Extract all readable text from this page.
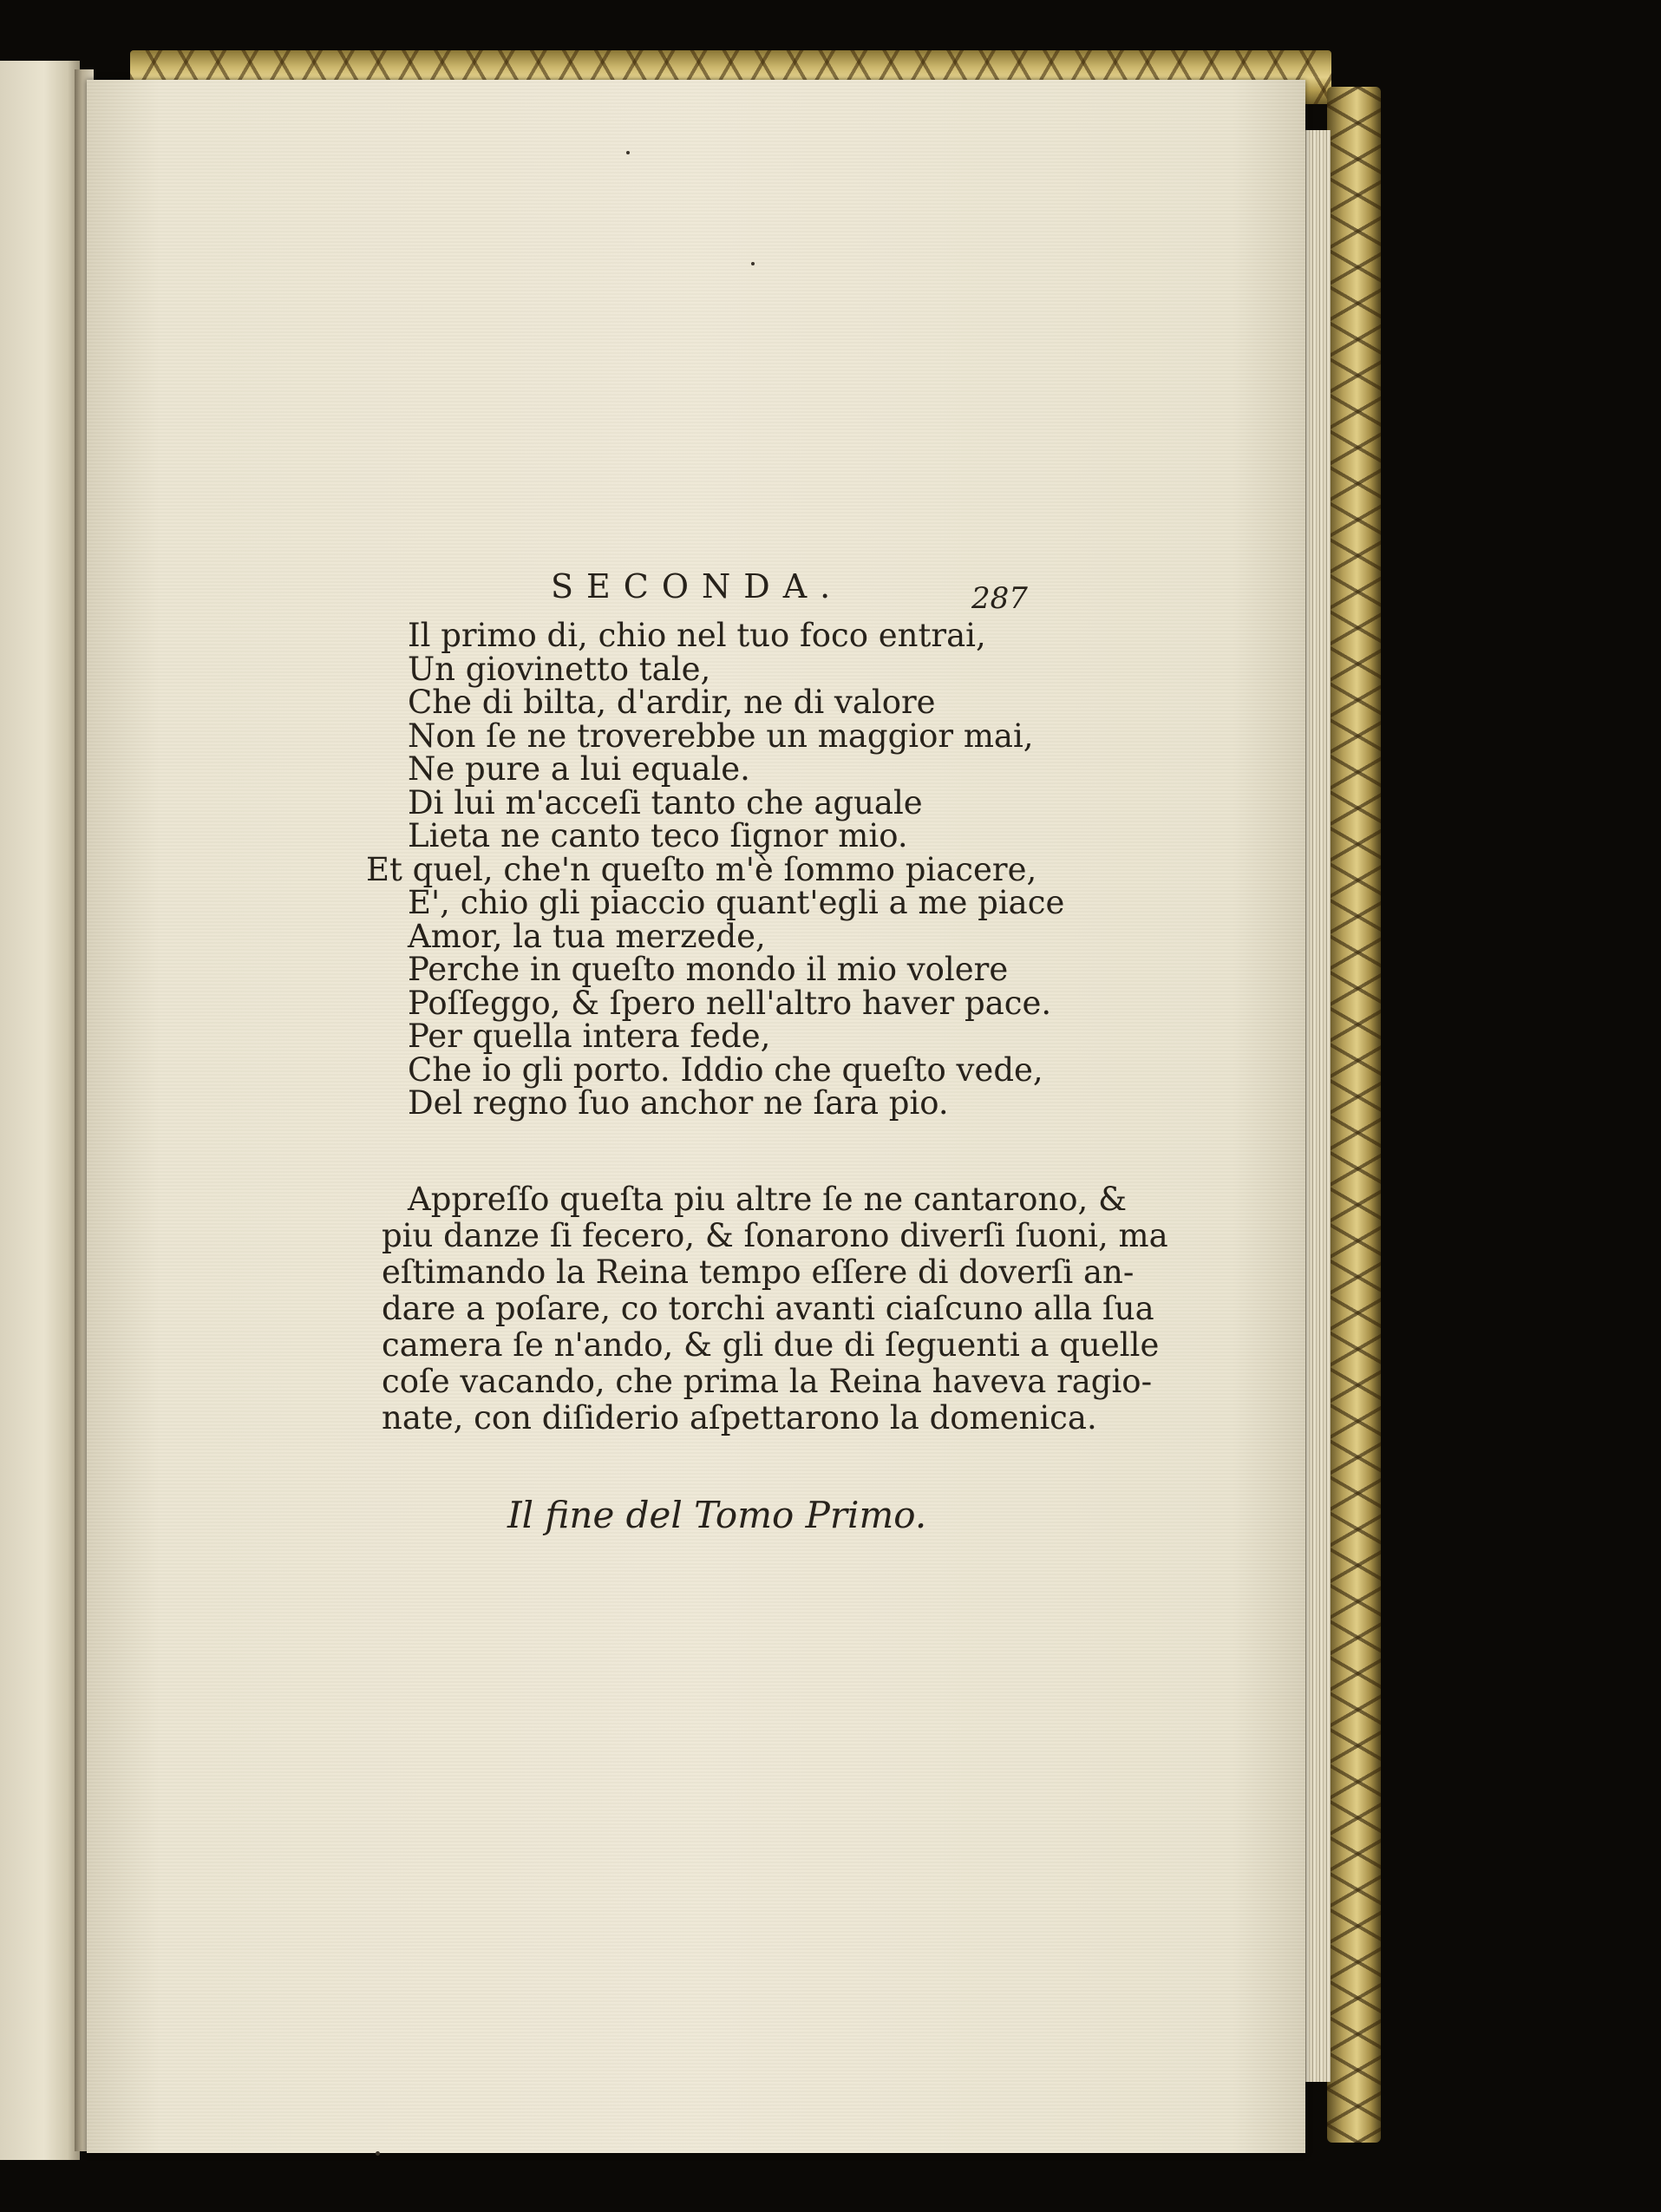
SECONDA.	287
Il primo di, chio nel tuo foco entrai,
Un giovinetto tale,
Che di bilta, d'ardir, ne di valore
Non ſe ne troverebbe un maggior mai,
Ne pure a lui equale.
Di lui m'acceſi tanto che aguale
Lieta ne canto teco ſignor mio.
Et quel, che'n queſto m'è ſommo piacere,
E', chio gli piaccio quant'egli a me piace
Amor, la tua merzede,
Perche in queſto mondo il mio volere
Poſſeggo, & ſpero nell'altro haver pace.
Per quella intera fede,
Che io gli porto. Iddio che queſto vede,
Del regno ſuo anchor ne ſara pio.
Appreſſo queſta piu altre ſe ne cantarono, &
piu danze ſi fecero, & ſonarono diverſi ſuoni, ma
eſtimando la Reina tempo eſſere di doverſi an-
dare a poſare, co torchi avanti ciaſcuno alla ſua
camera ſe n'ando, & gli due di ſeguenti a quelle
coſe vacando, che prima la Reina haveva ragio-
nate, con diſiderio aſpettarono la domenica.
Il fine del Tomo Primo.
